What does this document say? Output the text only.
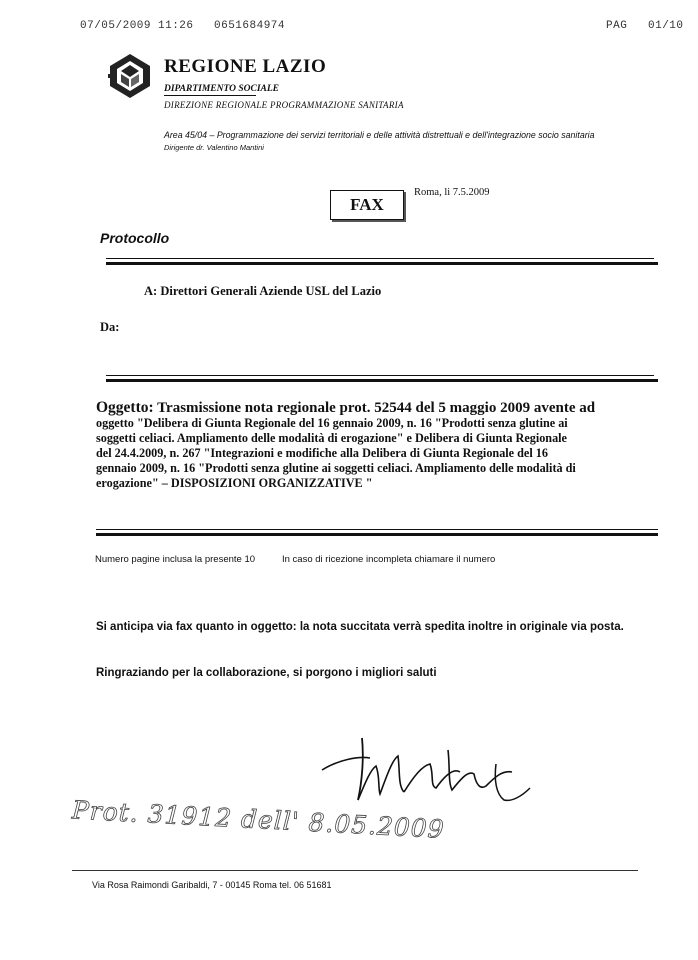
07/05/2009 11:26 0651684974	PAG 01/10
REGIONE LAZIO
DIPARTIMENTO SOCIALE
DIREZIONE REGIONALE PROGRAMMAZIONE SANITARIA
Area 45/04 – Programmazione dei servizi territoriali e delle attività distrettuali e dell'integrazione socio sanitaria
Dirigente dr. Valentino Mantini
FAX
Roma, li 7.5.2009
Protocollo
A: Direttori Generali Aziende USL del Lazio
Da:
Oggetto: Trasmissione nota regionale prot. 52544 del 5 maggio 2009 avente ad
oggetto "Delibera di Giunta Regionale del 16 gennaio 2009, n. 16 "Prodotti senza glutine ai
soggetti celiaci. Ampliamento delle modalità di erogazione" e Delibera di Giunta Regionale
del 24.4.2009, n. 267 "Integrazioni e modifiche alla Delibera di Giunta Regionale del 16
gennaio 2009, n. 16 "Prodotti senza glutine ai soggetti celiaci. Ampliamento delle modalità di
erogazione" – DISPOSIZIONI ORGANIZZATIVE "
Numero pagine inclusa la presente 10	In caso di ricezione incompleta chiamare il numero
Si anticipa via fax quanto in oggetto: la nota succitata verrà spedita inoltre in originale via posta.
Ringraziando per la collaborazione, si porgono i migliori saluti
Prot. 31912 dell' 8.05.2009
Via Rosa Raimondi Garibaldi, 7 - 00145 Roma tel. 06 51681
